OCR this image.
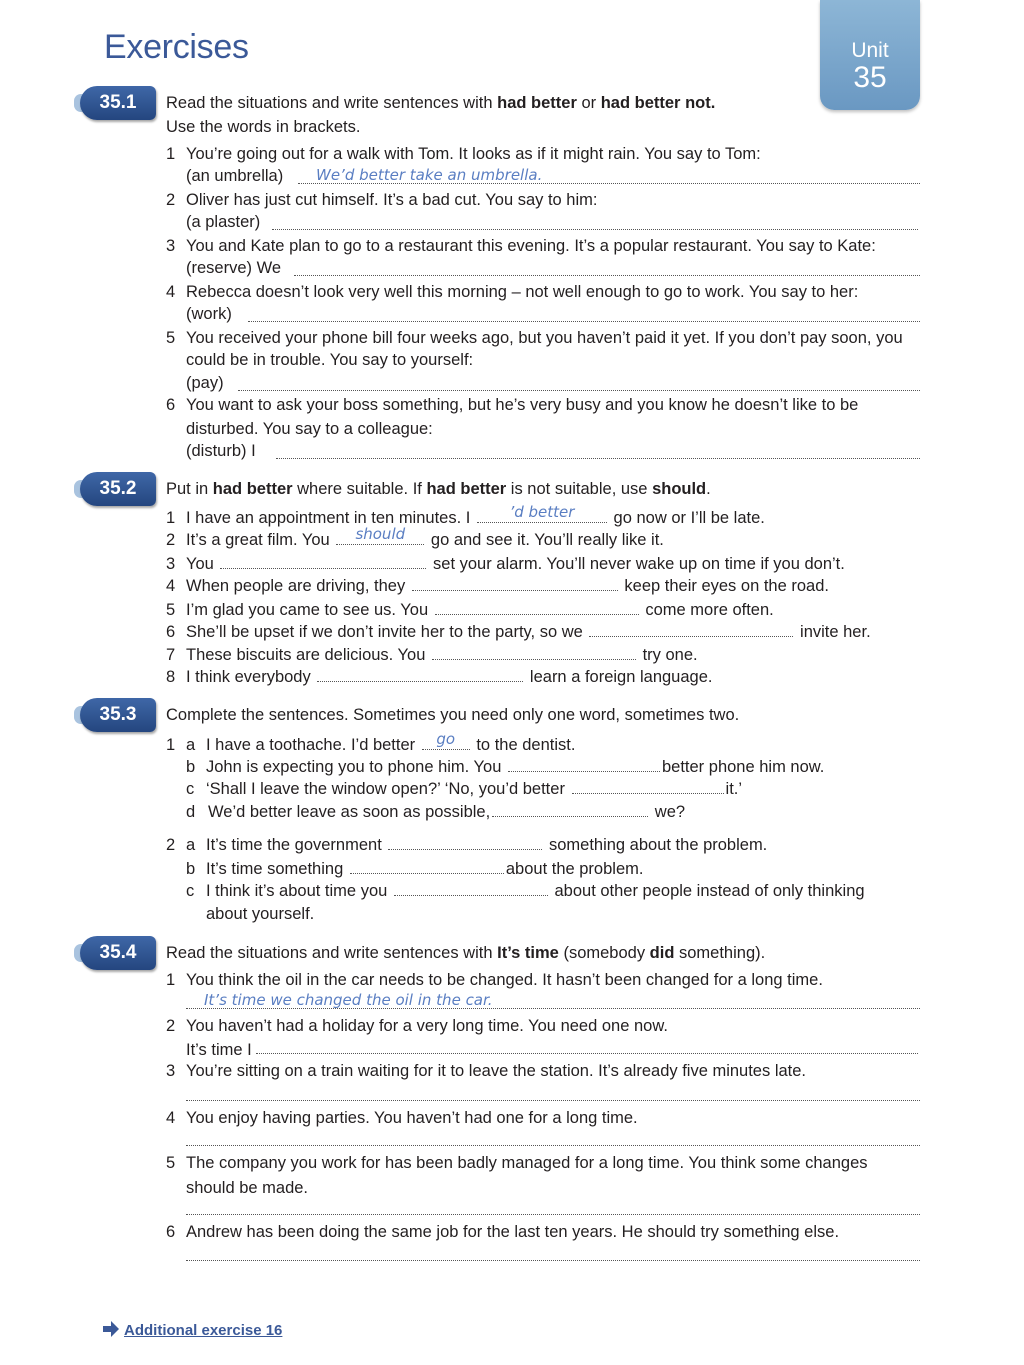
Exercises	Unit
35
35.1	Read the situations and write sentences with had better or had better not.
Use the words in brackets.
1 You’re going out for a walk with Tom. It looks as if it might rain. You say to Tom:
(an umbrella) We’d better take an umbrella.
2 Oliver has just cut himself. It’s a bad cut. You say to him:
(a plaster)
3 You and Kate plan to go to a restaurant this evening. It’s a popular restaurant. You say to Kate:
(reserve) We
4 Rebecca doesn’t look very well this morning – not well enough to go to work. You say to her:
(work)
5 You received your phone bill four weeks ago, but you haven’t paid it yet. If you don’t pay soon, you
could be in trouble. You say to yourself:
(pay)
6 You want to ask your boss something, but he’s very busy and you know he doesn’t like to be
disturbed. You say to a colleague:
(disturb) I
35.2	Put in had better where suitable. If had better is not suitable, use should.
1 I have an appointment in ten minutes. I	’d better	go now or I’ll be late.
2 It’s a great film. You	should	go and see it. You’ll really like it.
3 You	set your alarm. You’ll never wake up on time if you don’t.
4 When people are driving, they	keep their eyes on the road.
5 I’m glad you came to see us. You	come more often.
6 She’ll be upset if we don’t invite her to the party, so we	invite her.
7 These biscuits are delicious. You	try one.
8 I think everybody	learn a foreign language.
35.3	Complete the sentences. Sometimes you need only one word, sometimes two.
1 a I have a toothache. I’d better	go	to the dentist.
b John is expecting you to phone him. You	better phone him now.
c ‘Shall I leave the window open?’ ‘No, you’d better	it.’
d We’d better leave as soon as possible,	we?
2 a It’s time the government	something about the problem.
b It’s time something	about the problem.
c I think it’s about time you	about other people instead of only thinking
about yourself.
35.4	Read the situations and write sentences with It’s time (somebody did something).
1 You think the oil in the car needs to be changed. It hasn’t been changed for a long time.
It’s time we changed the oil in the car.
2 You haven’t had a holiday for a very long time. You need one now.
It’s time I
3 You’re sitting on a train waiting for it to leave the station. It’s already five minutes late.
4 You enjoy having parties. You haven’t had one for a long time.
5 The company you work for has been badly managed for a long time. You think some changes
should be made.
6 Andrew has been doing the same job for the last ten years. He should try something else.
Additional exercise 16
